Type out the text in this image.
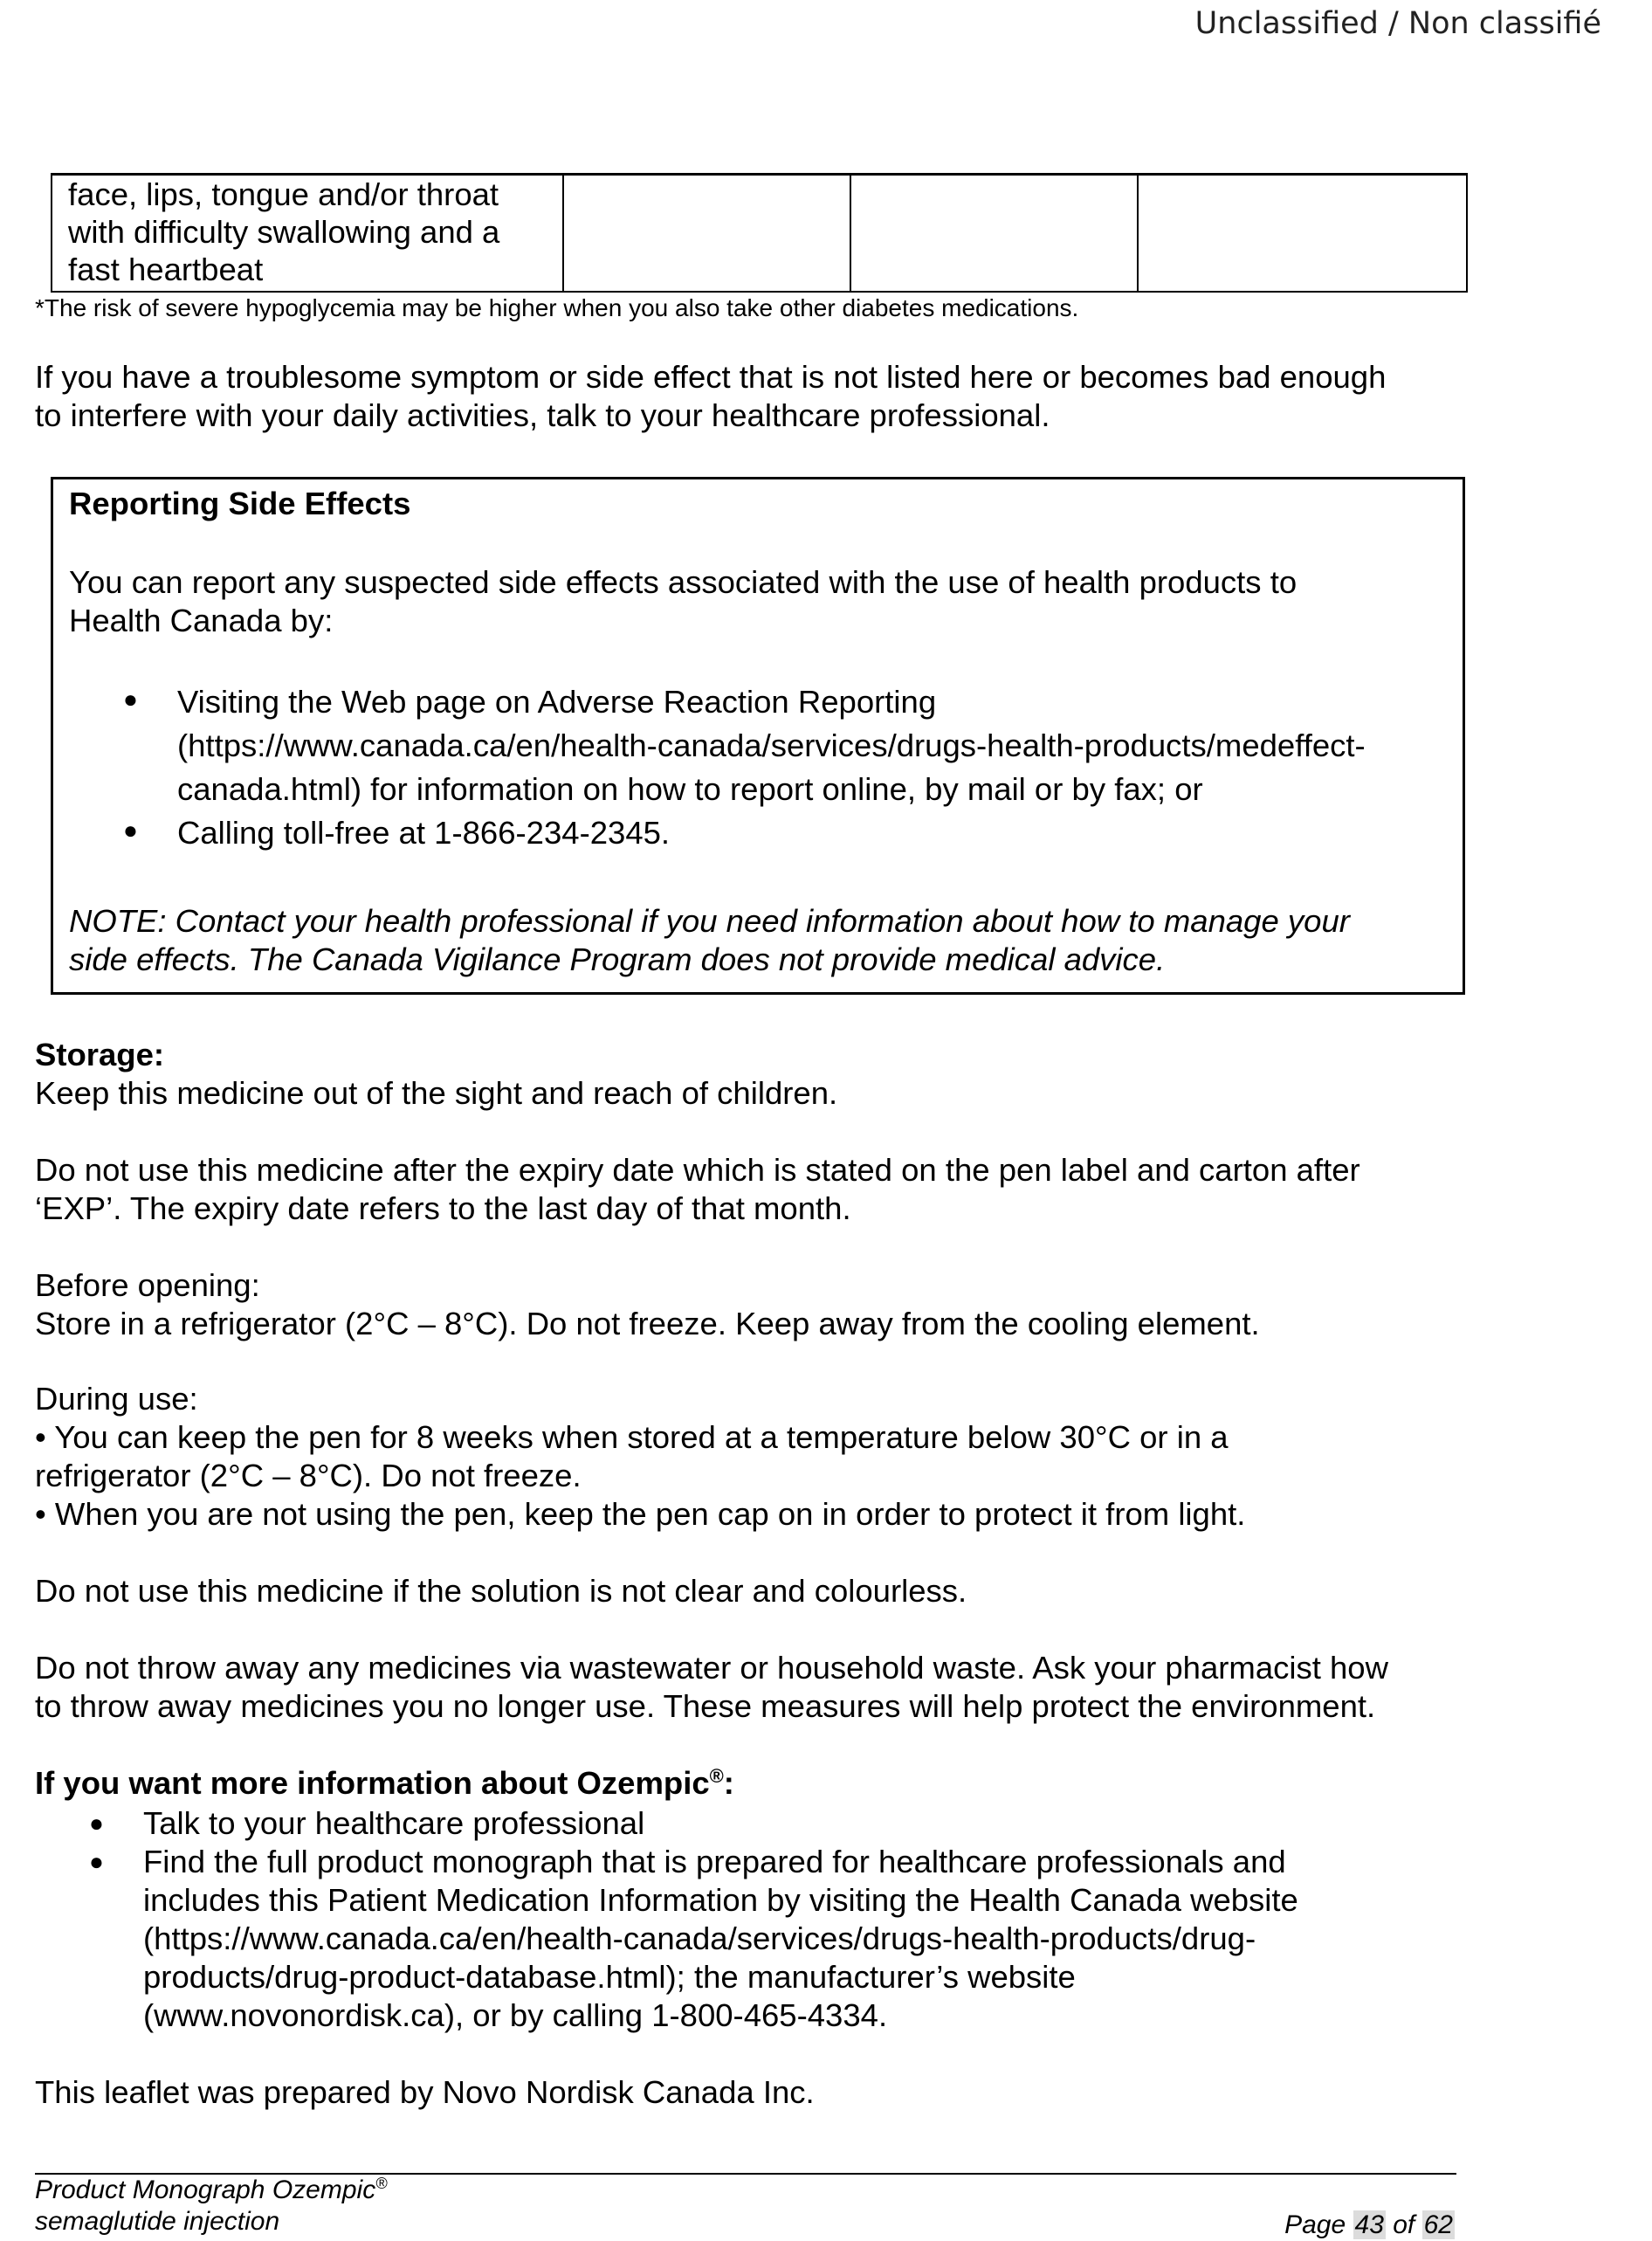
Unclassified / Non classifié
face, lips, tongue and/or throat
with difficulty swallowing and a
fast heartbeat

*The risk of severe hypoglycemia may be higher when you also take other diabetes medications.
If you have a troublesome symptom or side effect that is not listed here or becomes bad enough
to interfere with your daily activities, talk to your healthcare professional.
Reporting Side Effects
You can report any suspected side effects associated with the use of health products to
Health Canada by:
● Visiting the Web page on Adverse Reaction Reporting
(https://www.canada.ca/en/health-canada/services/drugs-health-products/medeffect-
canada.html) for information on how to report online, by mail or by fax; or
● Calling toll-free at 1-866-234-2345.
NOTE: Contact your health professional if you need information about how to manage your
side effects. The Canada Vigilance Program does not provide medical advice.
Storage:
Keep this medicine out of the sight and reach of children.
Do not use this medicine after the expiry date which is stated on the pen label and carton after
‘EXP’. The expiry date refers to the last day of that month.
Before opening:
Store in a refrigerator (2°C – 8°C). Do not freeze. Keep away from the cooling element.
During use:
• You can keep the pen for 8 weeks when stored at a temperature below 30°C or in a
refrigerator (2°C – 8°C). Do not freeze.
• When you are not using the pen, keep the pen cap on in order to protect it from light.
Do not use this medicine if the solution is not clear and colourless.
Do not throw away any medicines via wastewater or household waste. Ask your pharmacist how
to throw away medicines you no longer use. These measures will help protect the environment.
If you want more information about Ozempic®:
● Talk to your healthcare professional
● Find the full product monograph that is prepared for healthcare professionals and
includes this Patient Medication Information by visiting the Health Canada website
(https://www.canada.ca/en/health-canada/services/drugs-health-products/drug-
products/drug-product-database.html); the manufacturer’s website
(www.novonordisk.ca), or by calling 1-800-465-4334.
This leaflet was prepared by Novo Nordisk Canada Inc.
Product Monograph Ozempic®
semaglutide injection	Page 43 of 62
